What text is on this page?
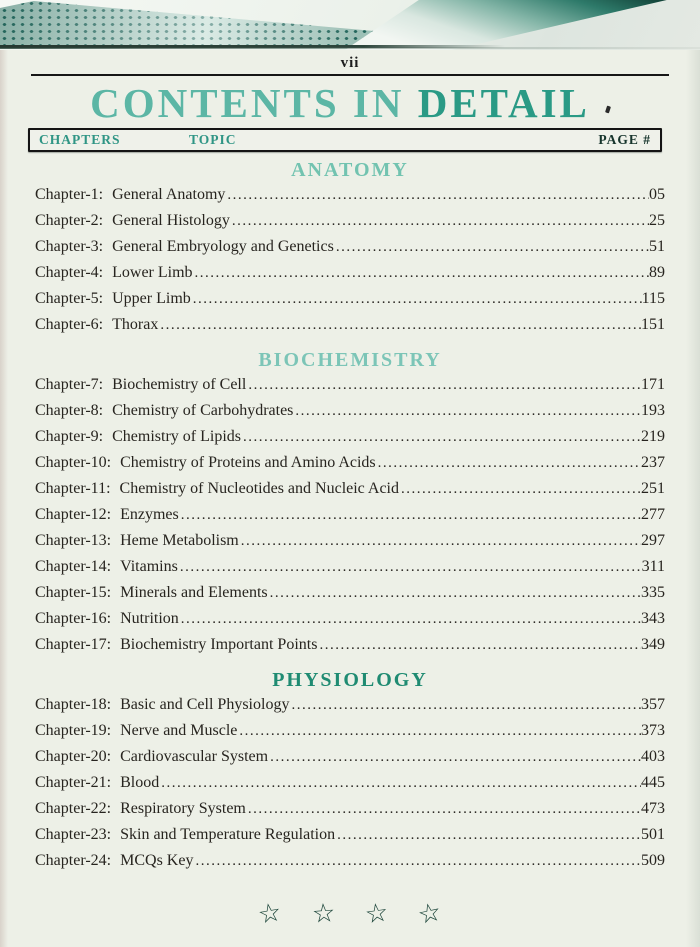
vii
CONTENTS IN DETAIL
CHAPTERS	TOPIC	PAGE #
ANATOMY
Chapter-1: General Anatomy .....	05
Chapter-2: General Histology .....	25
Chapter-3: General Embryology and Genetics .....	51
Chapter-4: Lower Limb .....	89
Chapter-5: Upper Limb .....	115
Chapter-6: Thorax .....	151
BIOCHEMISTRY
Chapter-7: Biochemistry of Cell .....	171
Chapter-8: Chemistry of Carbohydrates .....	193
Chapter-9: Chemistry of Lipids .....	219
Chapter-10: Chemistry of Proteins and Amino Acids .....	237
Chapter-11: Chemistry of Nucleotides and Nucleic Acid .....	251
Chapter-12: Enzymes .....	277
Chapter-13: Heme Metabolism .....	297
Chapter-14: Vitamins .....	311
Chapter-15: Minerals and Elements .....	335
Chapter-16: Nutrition .....	343
Chapter-17: Biochemistry Important Points .....	349
PHYSIOLOGY
Chapter-18: Basic and Cell Physiology .....	357
Chapter-19: Nerve and Muscle .....	373
Chapter-20: Cardiovascular System .....	403
Chapter-21: Blood .....	445
Chapter-22: Respiratory System .....	473
Chapter-23: Skin and Temperature Regulation .....	501
Chapter-24: MCQs Key .....	509
☆ ☆ ☆ ☆
